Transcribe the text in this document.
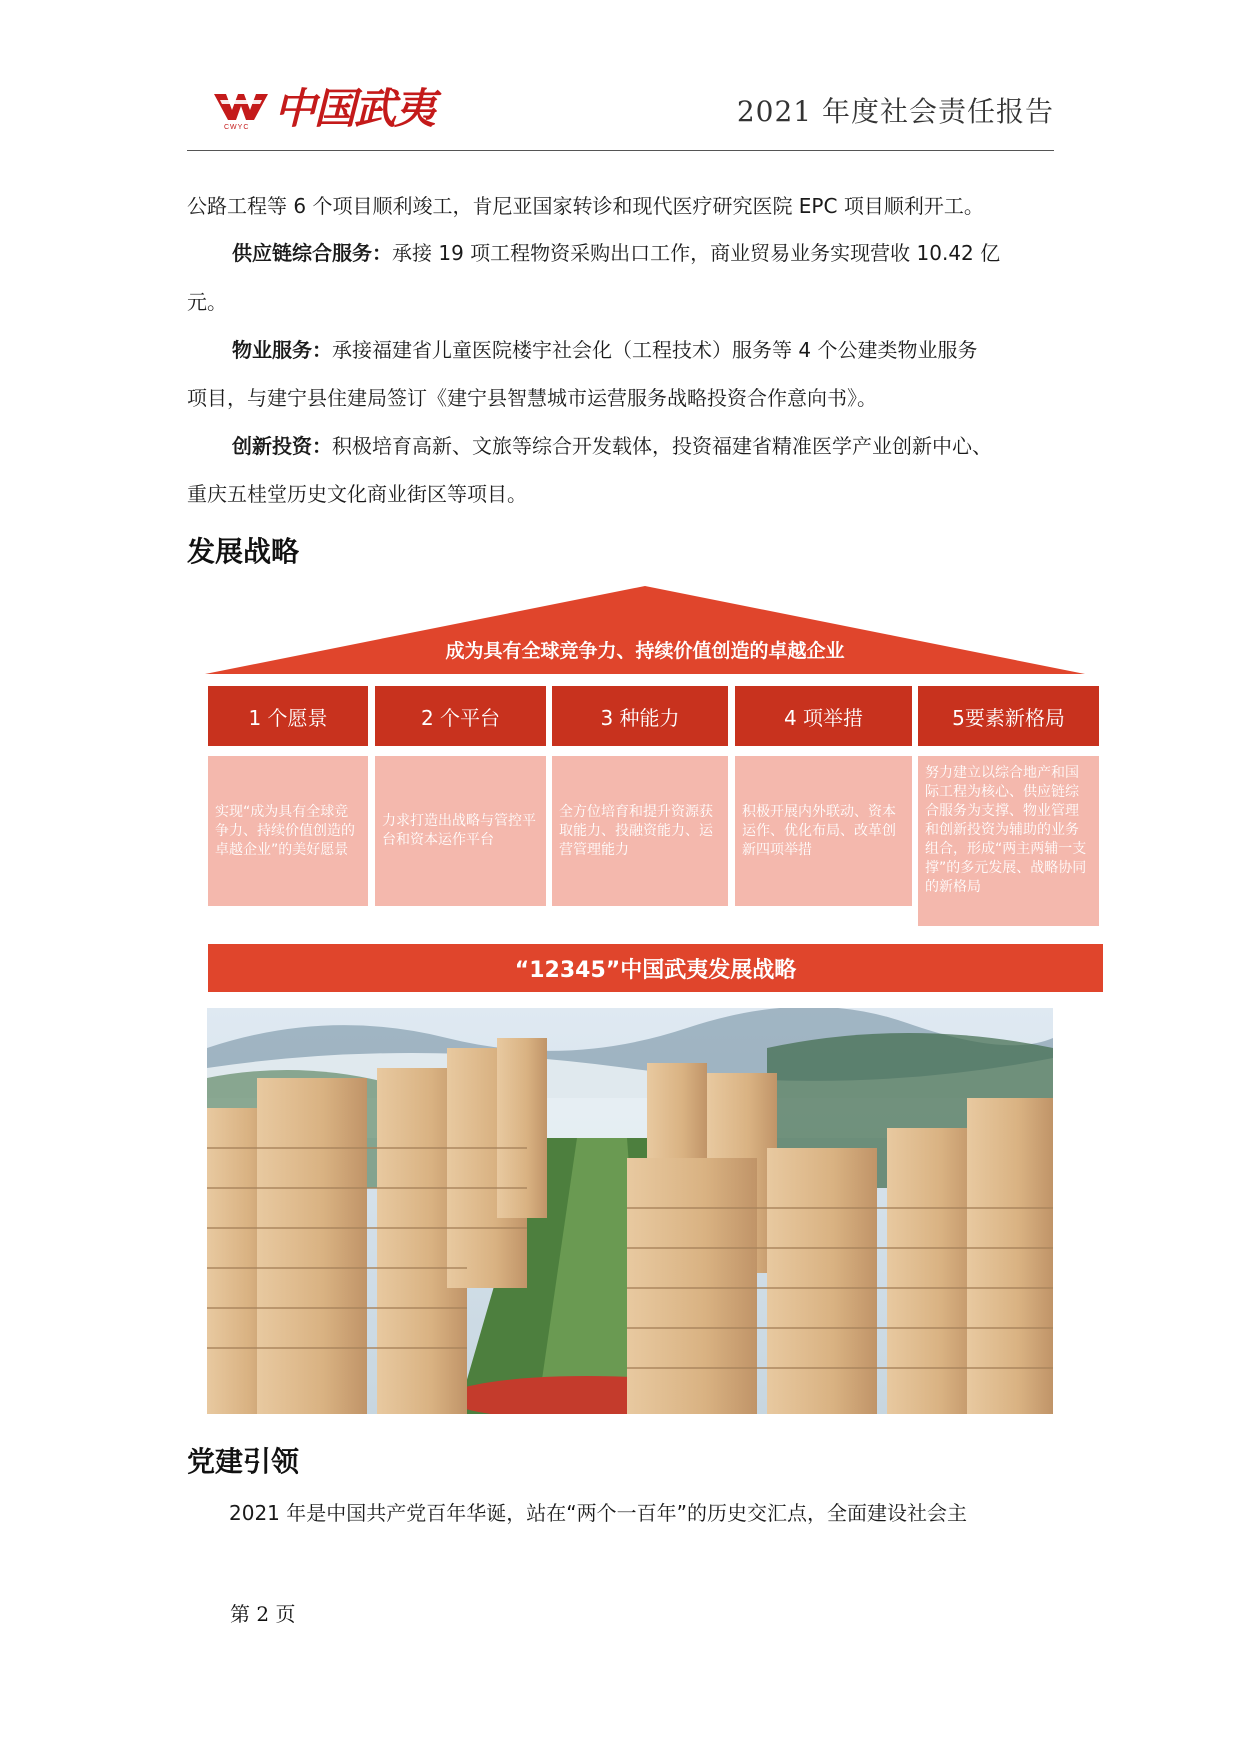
CWYC 中国武夷	2021 年度社会责任报告

公路工程等 6 个项目顺利竣工，肯尼亚国家转诊和现代医疗研究医院 EPC 项目顺利开工。

供应链综合服务：承接 19 项工程物资采购出口工作，商业贸易业务实现营收 10.42 亿

元。

物业服务：承接福建省儿童医院楼宇社会化（工程技术）服务等 4 个公建类物业服务

项目，与建宁县住建局签订《建宁县智慧城市运营服务战略投资合作意向书》。

创新投资：积极培育高新、文旅等综合开发载体，投资福建省精准医学产业创新中心、

重庆五桂堂历史文化商业街区等项目。

发展战略
成为具有全球竞争力、持续价值创造的卓越企业
1 个愿景	2 个平台	3 种能力	4 项举措	5要素新格局
实现“成为具有全球竞争力、持续价值创造的卓越企业”的美好愿景
力求打造出战略与管控平台和资本运作平台
全方位培育和提升资源获取能力、投融资能力、运营管理能力
积极开展内外联动、资本运作、优化布局、改革创新四项举措
努力建立以综合地产和国际工程为核心、供应链综合服务为支撑、物业管理和创新投资为辅助的业务组合，形成“两主两辅一支撑”的多元发展、战略协同的新格局
“12345”中国武夷发展战略
党建引领

2021 年是中国共产党百年华诞，站在“两个一百年”的历史交汇点，全面建设社会主

第 2 页
